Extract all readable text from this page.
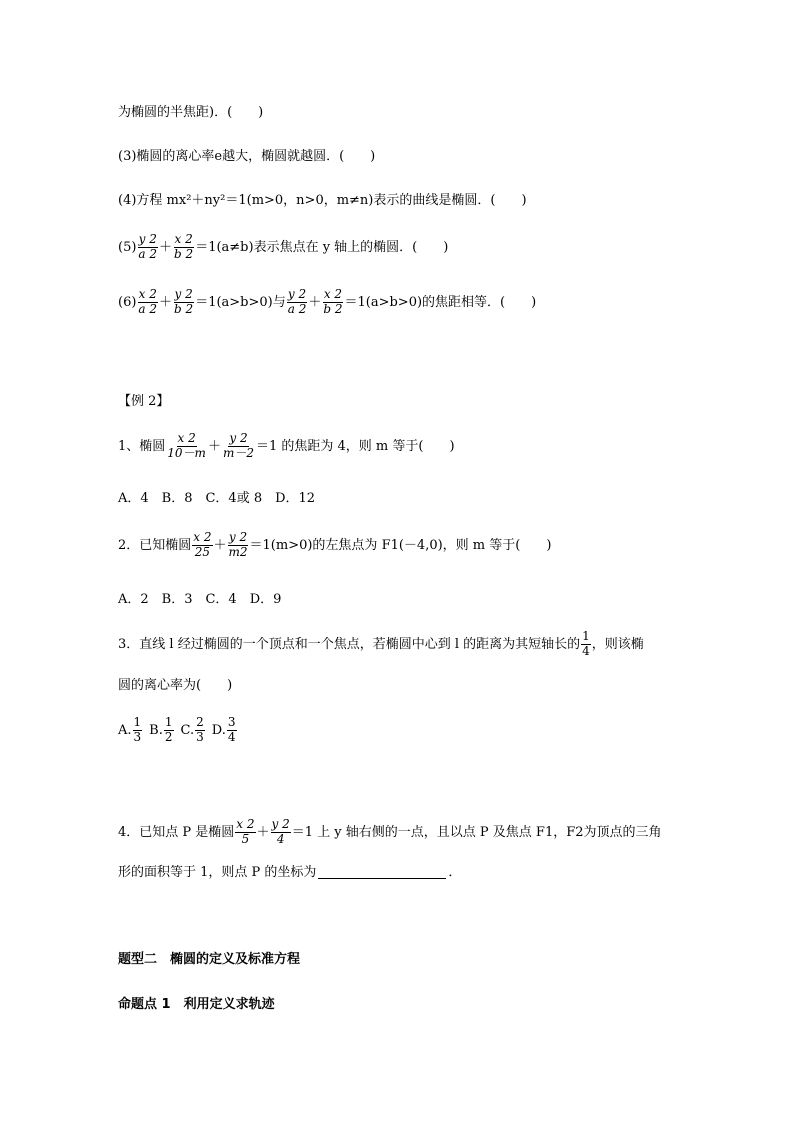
为椭圆的半焦距)．(　　)
(3)椭圆的离心率e越大，椭圆就越圆．(　　)
(4)方程 mx²＋ny²＝1(m>0，n>0，m≠n)表示的曲线是椭圆．(　　)
$(5) \frac{y 2}{a 2} + \frac{x 2}{b 2} =1(a\ne b)$表示焦点在 y 轴上的椭圆．(　　)
$(6) \frac{x 2}{a 2} + \frac{y 2}{b 2} =1(a>b>0)$与 $\frac{y 2}{a 2} + \frac{x 2}{b 2} =1(a>b>0)$的焦距相等．(　　)
【例 2】
1、椭圆 $\frac{x 2}{10-m} + \frac{y 2}{m-2} =1$ 的焦距为 4，则 m 等于(　　)
A．4　B．8　C．4或 8　D．12
2．已知椭圆 $\frac{x 2}{25} + \frac{y 2}{m2} =1(m>0)$的左焦点为 F1(－4,0)，则 m 等于(　　)
A．2　B．3　C．4　D．9
3．直线 l 经过椭圆的一个顶点和一个焦点，若椭圆中心到 l 的距离为其短轴长的 $\frac{1}{4}$ ，则该椭
圆的离心率为(　　)
A. $\frac{1}{3} B$. $\frac{1}{2} C$. $\frac{2}{3} D$. $\frac{3}{4}$
4．已知点 P 是椭圆 $\frac{x 2}{5} + \frac{y 2}{4} =1$ 上 y 轴右侧的一点，且以点 P 及焦点 F1，F2为顶点的三角
形的面积等于 1，则点 P 的坐标为	．
题型二　椭圆的定义及标准方程
命题点 1　利用定义求轨迹
